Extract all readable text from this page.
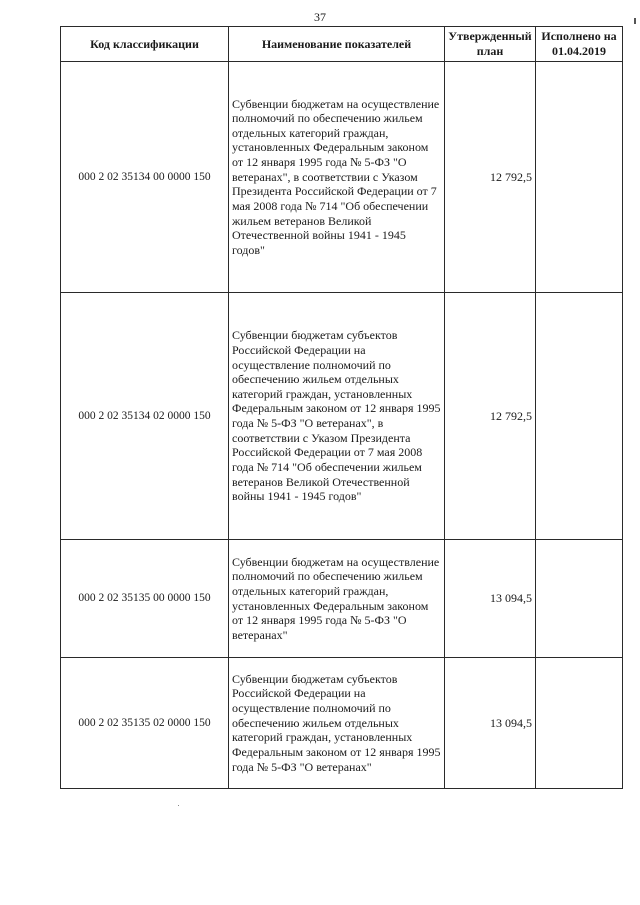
37
Код классификации	Наименование показателей	Утвержденный план	Исполнено на 01.04.2019
000 2 02 35134 00 0000 150	Субвенции бюджетам на осуществление полномочий по обеспечению жильем отдельных категорий граждан, установленных Федеральным законом от 12 января 1995 года № 5-ФЗ "О ветеранах", в соответствии с Указом Президента Российской Федерации от 7 мая 2008 года № 714 "Об обеспечении жильем ветеранов Великой Отечественной войны 1941 - 1945 годов"	12 792,5	
000 2 02 35134 02 0000 150	Субвенции бюджетам субъектов Российской Федерации на осуществление полномочий по обеспечению жильем отдельных категорий граждан, установленных Федеральным законом от 12 января 1995 года № 5-ФЗ "О ветеранах", в соответствии с Указом Президента Российской Федерации от 7 мая 2008 года № 714 "Об обеспечении жильем ветеранов Великой Отечественной войны 1941 - 1945 годов"	12 792,5	
000 2 02 35135 00 0000 150	Субвенции бюджетам на осуществление полномочий по обеспечению жильем отдельных категорий граждан, установленных Федеральным законом от 12 января 1995 года № 5-ФЗ "О ветеранах"	13 094,5	
000 2 02 35135 02 0000 150	Субвенции бюджетам субъектов Российской Федерации на осуществление полномочий по обеспечению жильем отдельных категорий граждан, установленных Федеральным законом от 12 января 1995 года № 5-ФЗ "О ветеранах"	13 094,5	
